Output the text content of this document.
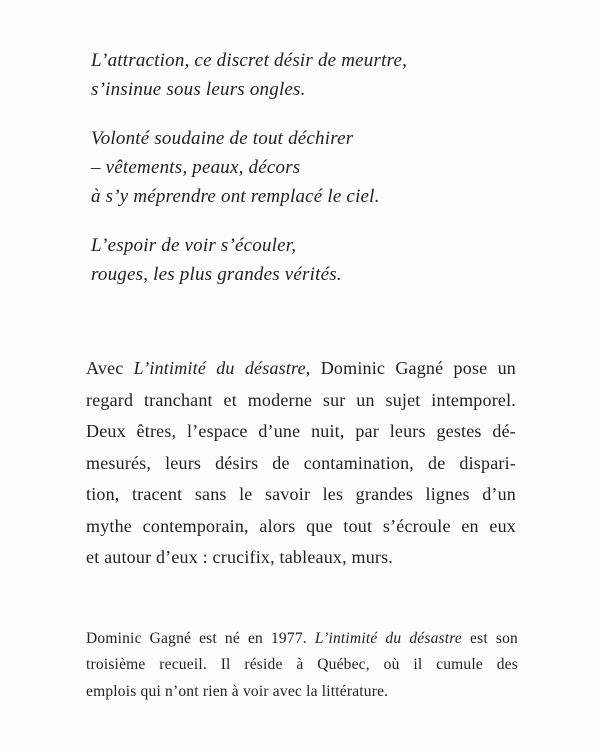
L’attraction, ce discret désir de meurtre,
s’insinue sous leurs ongles.
Volonté soudaine de tout déchirer
– vêtements, peaux, décors
à s’y méprendre ont remplacé le ciel.
L’espoir de voir s’écouler,
rouges, les plus grandes vérités.
Avec L’intimité du désastre, Dominic Gagné pose un
regard tranchant et moderne sur un sujet intemporel.
Deux êtres, l’espace d’une nuit, par leurs gestes dé-
mesurés, leurs désirs de contamination, de dispari-
tion, tracent sans le savoir les grandes lignes d’un
mythe contemporain, alors que tout s’écroule en eux
et autour d’eux : crucifix, tableaux, murs.
Dominic Gagné est né en 1977. L’intimité du désastre est son
troisième recueil. Il réside à Québec, où il cumule des
emplois qui n’ont rien à voir avec la littérature.
